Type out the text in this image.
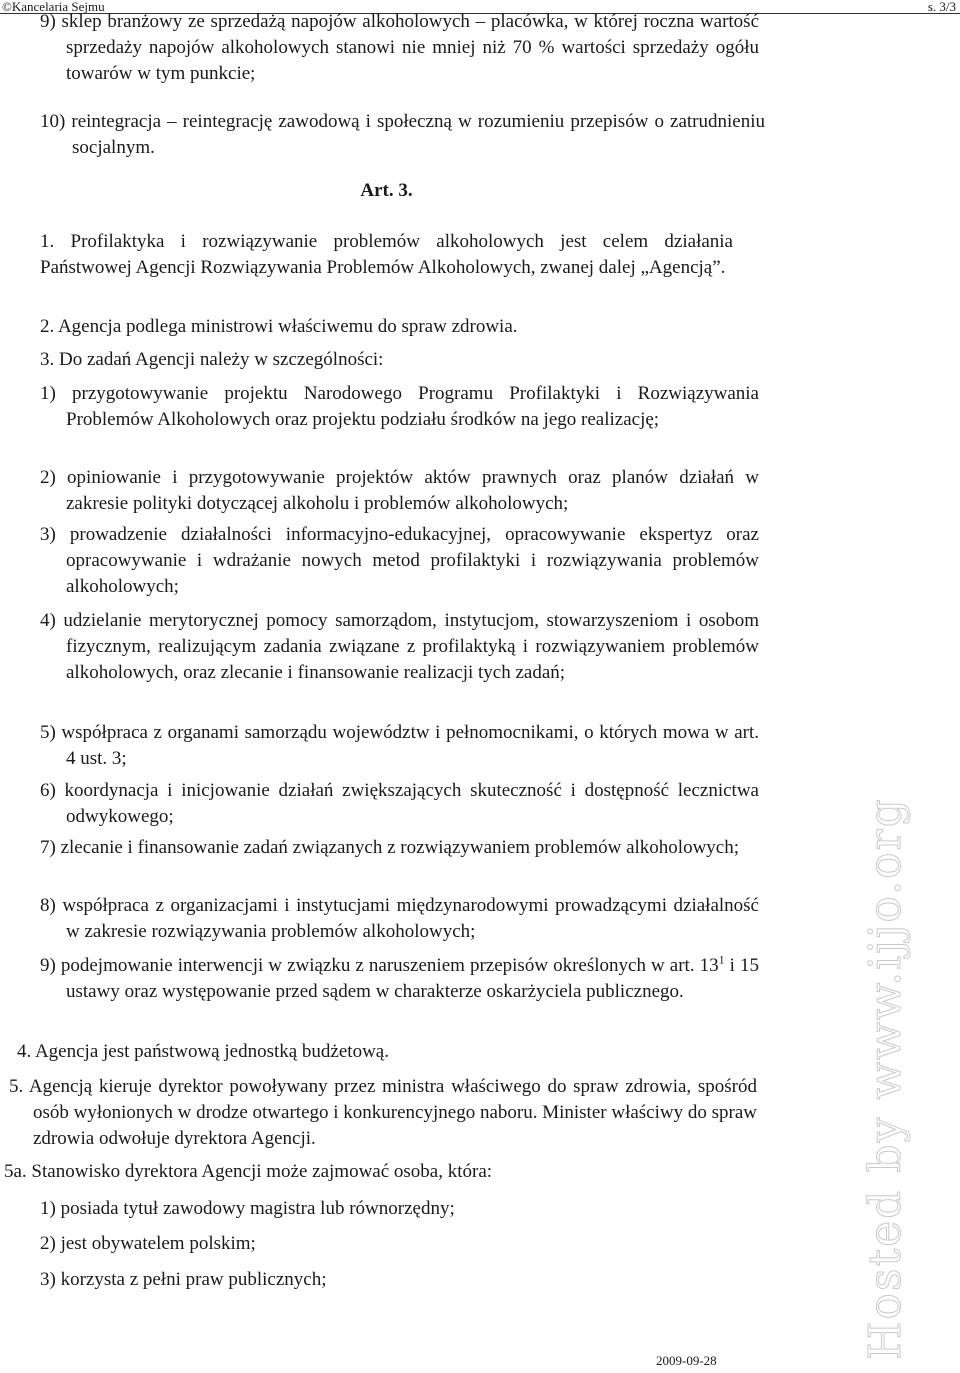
©Kancelaria Sejmu	s. 3/3

9) sklep branżowy ze sprzedażą napojów alkoholowych – placówka, w której roczna wartość sprzedaży napojów alkoholowych stanowi nie mniej niż 70 % wartości sprzedaży ogółu towarów w tym punkcie;

10) reintegracja – reintegrację zawodową i społeczną w rozumieniu przepisów o zatrudnieniu socjalnym.

Art. 3.

1. Profilaktyka i rozwiązywanie problemów alkoholowych jest celem działania Państwowej Agencji Rozwiązywania Problemów Alkoholowych, zwanej dalej „Agencją”.

2. Agencja podlega ministrowi właściwemu do spraw zdrowia.

3. Do zadań Agencji należy w szczególności:

1) przygotowywanie projektu Narodowego Programu Profilaktyki i Rozwiązywania Problemów Alkoholowych oraz projektu podziału środków na jego realizację;

2) opiniowanie i przygotowywanie projektów aktów prawnych oraz planów działań w zakresie polityki dotyczącej alkoholu i problemów alkoholowych;

3) prowadzenie działalności informacyjno-edukacyjnej, opracowywanie ekspertyz oraz opracowywanie i wdrażanie nowych metod profilaktyki i rozwiązywania problemów alkoholowych;

4) udzielanie merytorycznej pomocy samorządom, instytucjom, stowarzyszeniom i osobom fizycznym, realizującym zadania związane z profilaktyką i rozwiązywaniem problemów alkoholowych, oraz zlecanie i finansowanie realizacji tych zadań;

5) współpraca z organami samorządu województw i pełnomocnikami, o których mowa w art. 4 ust. 3;

6) koordynacja i inicjowanie działań zwiększających skuteczność i dostępność lecznictwa odwykowego;

7) zlecanie i finansowanie zadań związanych z rozwiązywaniem problemów alkoholowych;

8) współpraca z organizacjami i instytucjami międzynarodowymi prowadzącymi działalność w zakresie rozwiązywania problemów alkoholowych;

9) podejmowanie interwencji w związku z naruszeniem przepisów określonych w art. $13^1$ i 15 ustawy oraz występowanie przed sądem w charakterze oskarżyciela publicznego.

4. Agencja jest państwową jednostką budżetową.

5. Agencją kieruje dyrektor powoływany przez ministra właściwego do spraw zdrowia, spośród osób wyłonionych w drodze otwartego i konkurencyjnego naboru. Minister właściwy do spraw zdrowia odwołuje dyrektora Agencji.

5a. Stanowisko dyrektora Agencji może zajmować osoba, która:

1) posiada tytuł zawodowy magistra lub równorzędny;

2) jest obywatelem polskim;

3) korzysta z pełni praw publicznych;

2009-09-28
Hosted by www.ijjo.org
